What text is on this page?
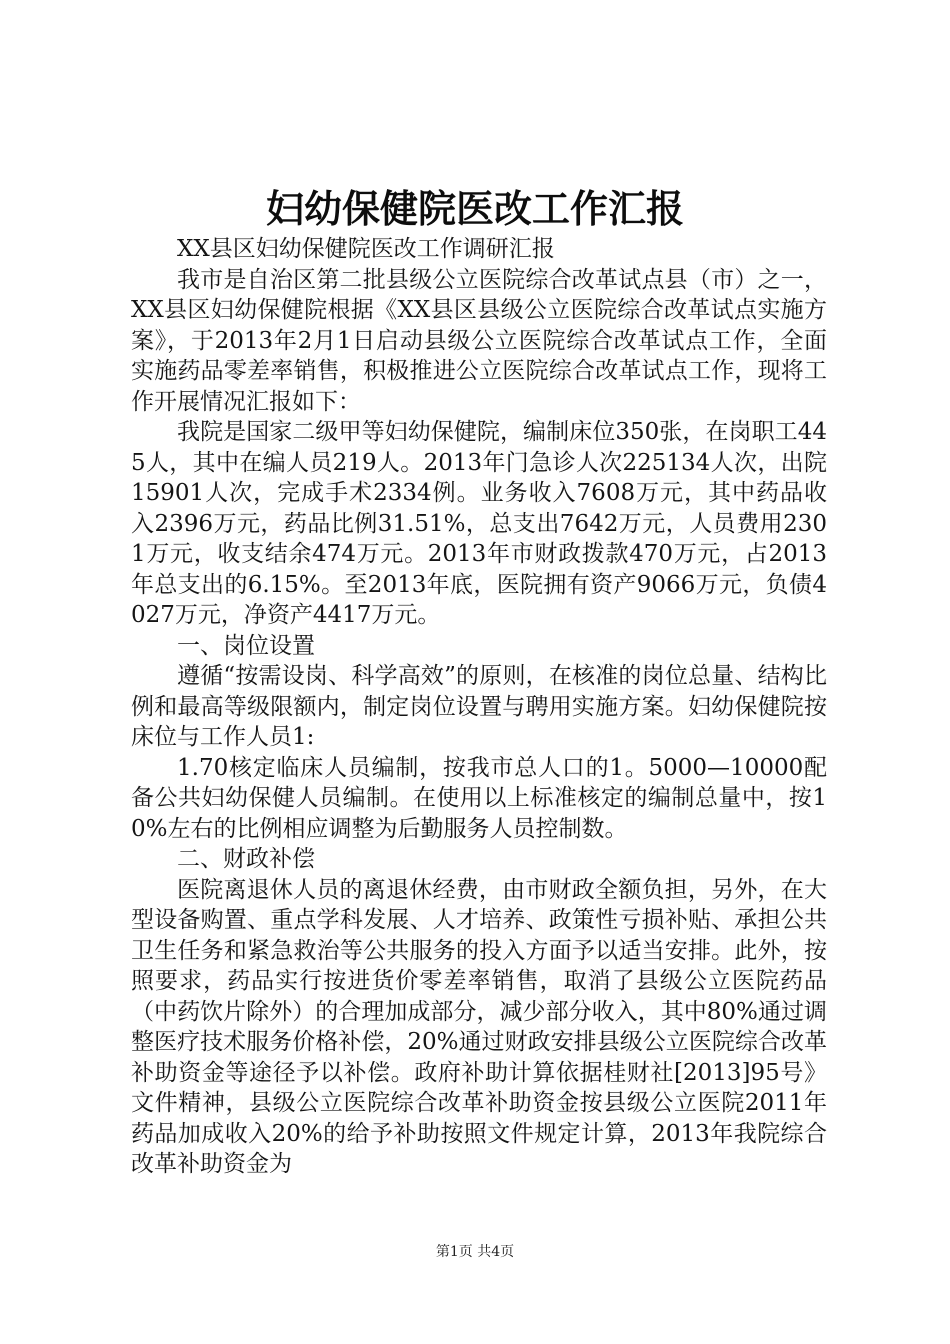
妇幼保健院医改工作汇报

XX县区妇幼保健院医改工作调研汇报

我市是自治区第二批县级公立医院综合改革试点县（市）之一，XX县区妇幼保健院根据《XX县区县级公立医院综合改革试点实施方案》，于2013年2月1日启动县级公立医院综合改革试点工作，全面实施药品零差率销售，积极推进公立医院综合改革试点工作，现将工作开展情况汇报如下：

我院是国家二级甲等妇幼保健院，编制床位350张，在岗职工445人，其中在编人员219人。2013年门急诊人次225134人次，出院15901人次，完成手术2334例。业务收入7608万元，其中药品收入2396万元，药品比例31.51%，总支出7642万元，人员费用2301万元，收支结余474万元。2013年市财政拨款470万元，占2013年总支出的6.15%。至2013年底，医院拥有资产9066万元，负债4027万元，净资产4417万元。

一、岗位设置

遵循“按需设岗、科学高效”的原则，在核准的岗位总量、结构比例和最高等级限额内，制定岗位设置与聘用实施方案。妇幼保健院按床位与工作人员1:

1.70核定临床人员编制，按我市总人口的1。5000—10000配备公共妇幼保健人员编制。在使用以上标准核定的编制总量中，按10%左右的比例相应调整为后勤服务人员控制数。

二、财政补偿

医院离退休人员的离退休经费，由市财政全额负担，另外，在大型设备购置、重点学科发展、人才培养、政策性亏损补贴、承担公共卫生任务和紧急救治等公共服务的投入方面予以适当安排。此外，按照要求，药品实行按进货价零差率销售，取消了县级公立医院药品（中药饮片除外）的合理加成部分，减少部分收入，其中80%通过调整医疗技术服务价格补偿，20%通过财政安排县级公立医院综合改革补助资金等途径予以补偿。政府补助计算依据桂财社[2013]95号》文件精神，县级公立医院综合改革补助资金按县级公立医院2011年药品加成收入20%的给予补助按照文件规定计算，2013年我院综合改革补助资金为

第1页 共4页
